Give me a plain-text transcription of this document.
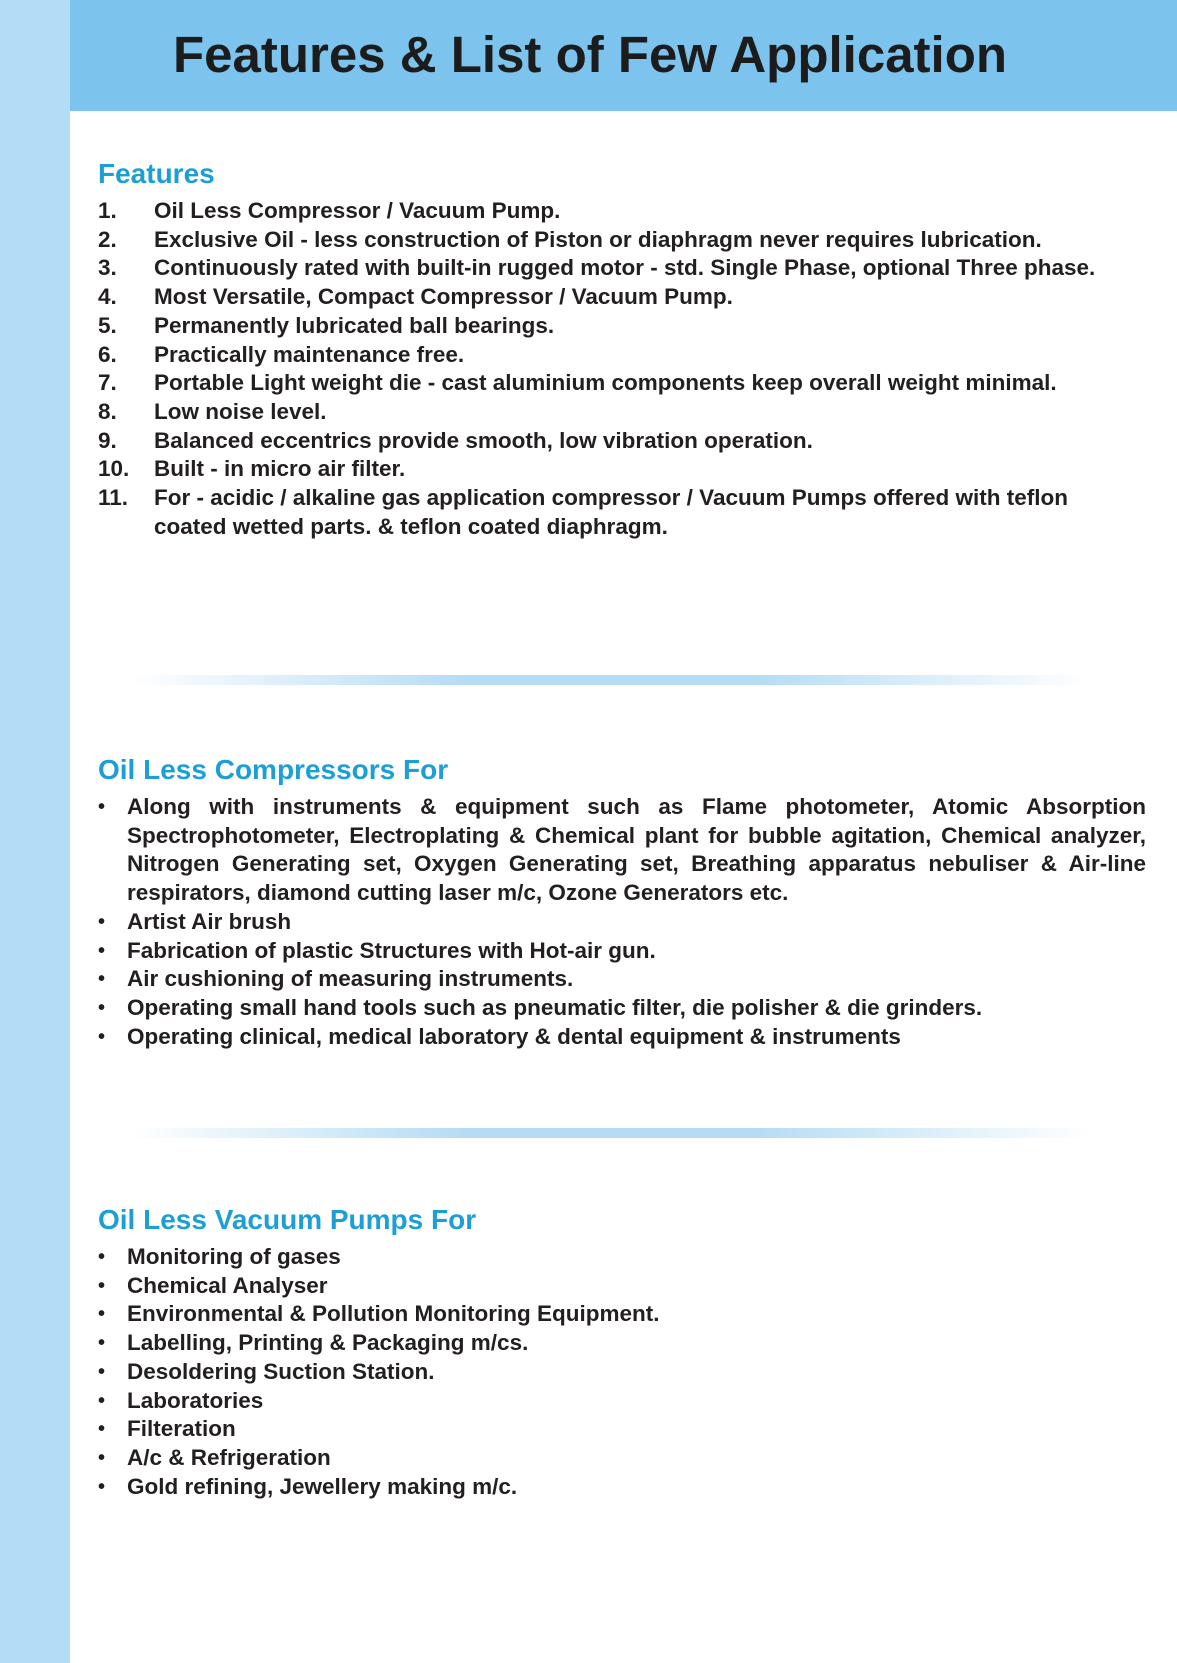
Features & List of Few Application
Features
1. Oil Less Compressor / Vacuum Pump.
2. Exclusive Oil - less construction of Piston or diaphragm never requires lubrication.
3. Continuously rated with built-in rugged motor - std. Single Phase, optional Three phase.
4. Most Versatile, Compact Compressor / Vacuum Pump.
5. Permanently lubricated ball bearings.
6. Practically maintenance free.
7. Portable Light weight die - cast aluminium components keep overall weight minimal.
8. Low noise level.
9. Balanced eccentrics provide smooth, low vibration operation.
10. Built - in micro air filter.
11. For - acidic / alkaline gas application compressor / Vacuum Pumps offered with teflon coated wetted parts. & teflon coated diaphragm.
Oil Less Compressors For
• Along with instruments & equipment such as Flame photometer, Atomic Absorption Spectrophotometer, Electroplating & Chemical plant for bubble agitation, Chemical analyzer, Nitrogen Generating set, Oxygen Generating set, Breathing apparatus nebuliser & Air-line respirators, diamond cutting laser m/c, Ozone Generators etc.
• Artist Air brush
• Fabrication of plastic Structures with Hot-air gun.
• Air cushioning of measuring instruments.
• Operating small hand tools such as pneumatic filter, die polisher & die grinders.
• Operating clinical, medical laboratory & dental equipment & instruments
Oil Less Vacuum Pumps For
• Monitoring of gases
• Chemical Analyser
• Environmental & Pollution Monitoring Equipment.
• Labelling, Printing & Packaging m/cs.
• Desoldering Suction Station.
• Laboratories
• Filteration
• A/c & Refrigeration
• Gold refining, Jewellery making m/c.
